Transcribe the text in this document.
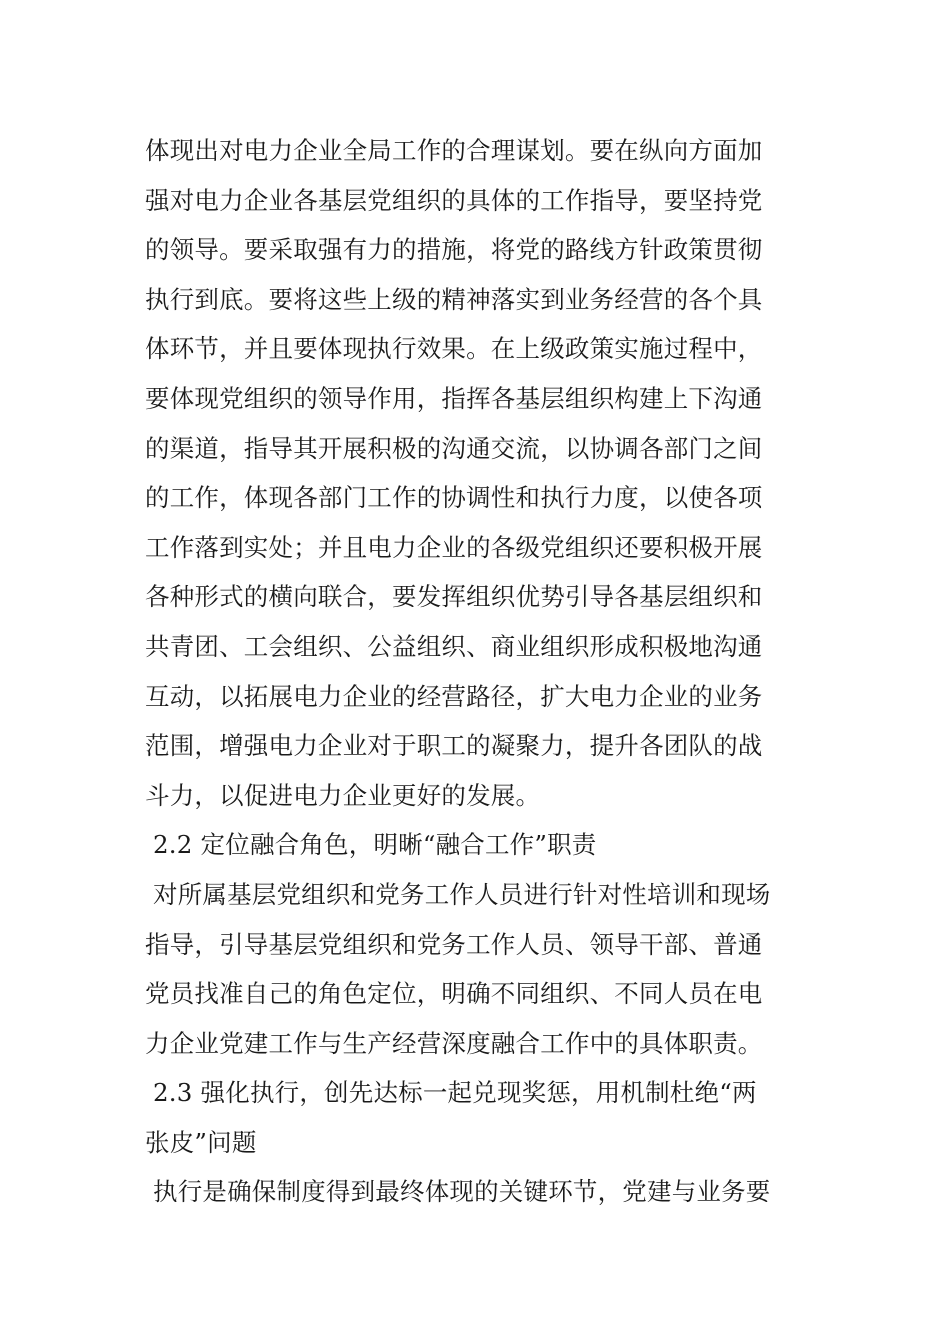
体现出对电力企业全局工作的合理谋划。要在纵向方面加
强对电力企业各基层党组织的具体的工作指导，要坚持党
的领导。要采取强有力的措施，将党的路线方针政策贯彻
执行到底。要将这些上级的精神落实到业务经营的各个具
体环节，并且要体现执行效果。在上级政策实施过程中，
要体现党组织的领导作用，指挥各基层组织构建上下沟通
的渠道，指导其开展积极的沟通交流，以协调各部门之间
的工作，体现各部门工作的协调性和执行力度，以使各项
工作落到实处；并且电力企业的各级党组织还要积极开展
各种形式的横向联合，要发挥组织优势引导各基层组织和
共青团、工会组织、公益组织、商业组织形成积极地沟通
互动，以拓展电力企业的经营路径，扩大电力企业的业务
范围，增强电力企业对于职工的凝聚力，提升各团队的战
斗力，以促进电力企业更好的发展。
2.2 定位融合角色，明晰“融合工作”职责
对所属基层党组织和党务工作人员进行针对性培训和现场
指导，引导基层党组织和党务工作人员、领导干部、普通
党员找准自己的角色定位，明确不同组织、不同人员在电
力企业党建工作与生产经营深度融合工作中的具体职责。
2.3 强化执行，创先达标一起兑现奖惩，用机制杜绝“两
张皮”问题
执行是确保制度得到最终体现的关键环节，党建与业务要
